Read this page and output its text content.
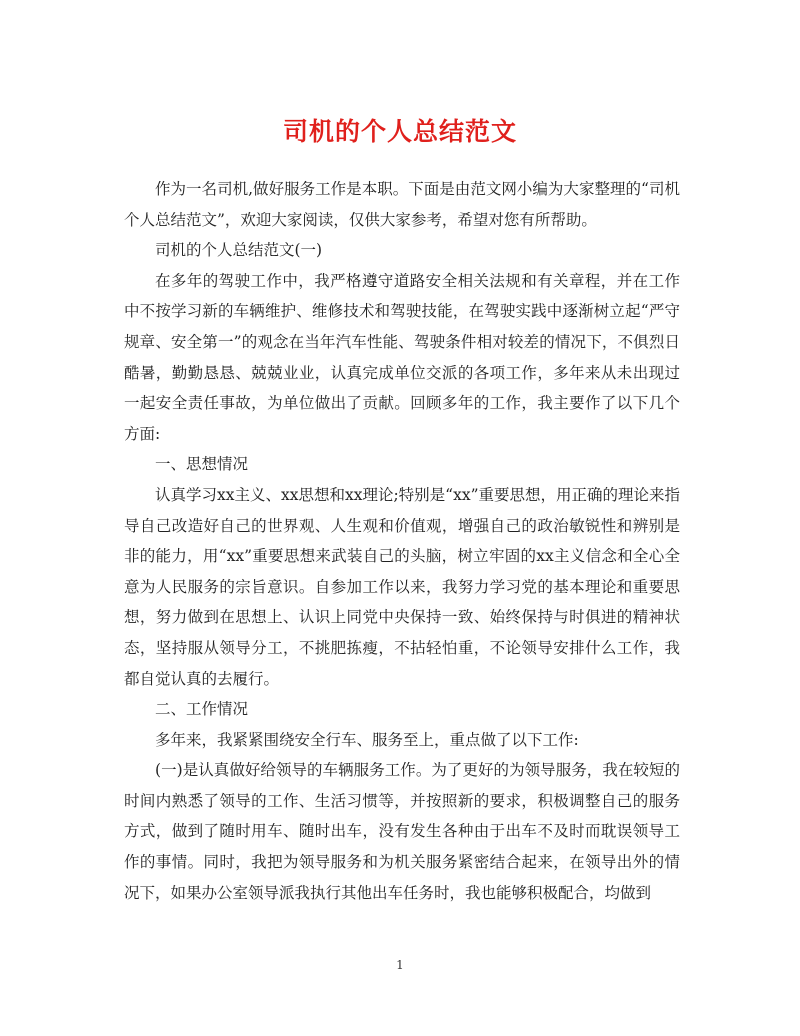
司机的个人总结范文

作为一名司机,做好服务工作是本职。下面是由范文网小编为大家整理的“司机个人总结范文”，欢迎大家阅读，仅供大家参考，希望对您有所帮助。

司机的个人总结范文(一)

在多年的驾驶工作中，我严格遵守道路安全相关法规和有关章程，并在工作中不按学习新的车辆维护、维修技术和驾驶技能，在驾驶实践中逐渐树立起“严守规章、安全第一”的观念在当年汽车性能、驾驶条件相对较差的情况下，不俱烈日酷暑，勤勤恳恳、兢兢业业，认真完成单位交派的各项工作，多年来从未出现过一起安全责任事故，为单位做出了贡献。回顾多年的工作，我主要作了以下几个方面:

一、思想情况

认真学习xx主义、xx思想和xx理论;特别是“xx”重要思想，用正确的理论来指导自己改造好自己的世界观、人生观和价值观，增强自己的政治敏锐性和辨别是非的能力，用“xx”重要思想来武装自己的头脑，树立牢固的xx主义信念和全心全意为人民服务的宗旨意识。自参加工作以来，我努力学习党的基本理论和重要思想，努力做到在思想上、认识上同党中央保持一致、始终保持与时俱进的精神状态，坚持服从领导分工，不挑肥拣瘦，不拈轻怕重，不论领导安排什么工作，我都自觉认真的去履行。

二、工作情况

多年来，我紧紧围绕安全行车、服务至上，重点做了以下工作:

(一)是认真做好给领导的车辆服务工作。为了更好的为领导服务，我在较短的时间内熟悉了领导的工作、生活习惯等，并按照新的要求，积极调整自己的服务方式，做到了随时用车、随时出车，没有发生各种由于出车不及时而耽误领导工作的事情。同时，我把为领导服务和为机关服务紧密结合起来，在领导出外的情况下，如果办公室领导派我执行其他出车任务时，我也能够积极配合，均做到

1
